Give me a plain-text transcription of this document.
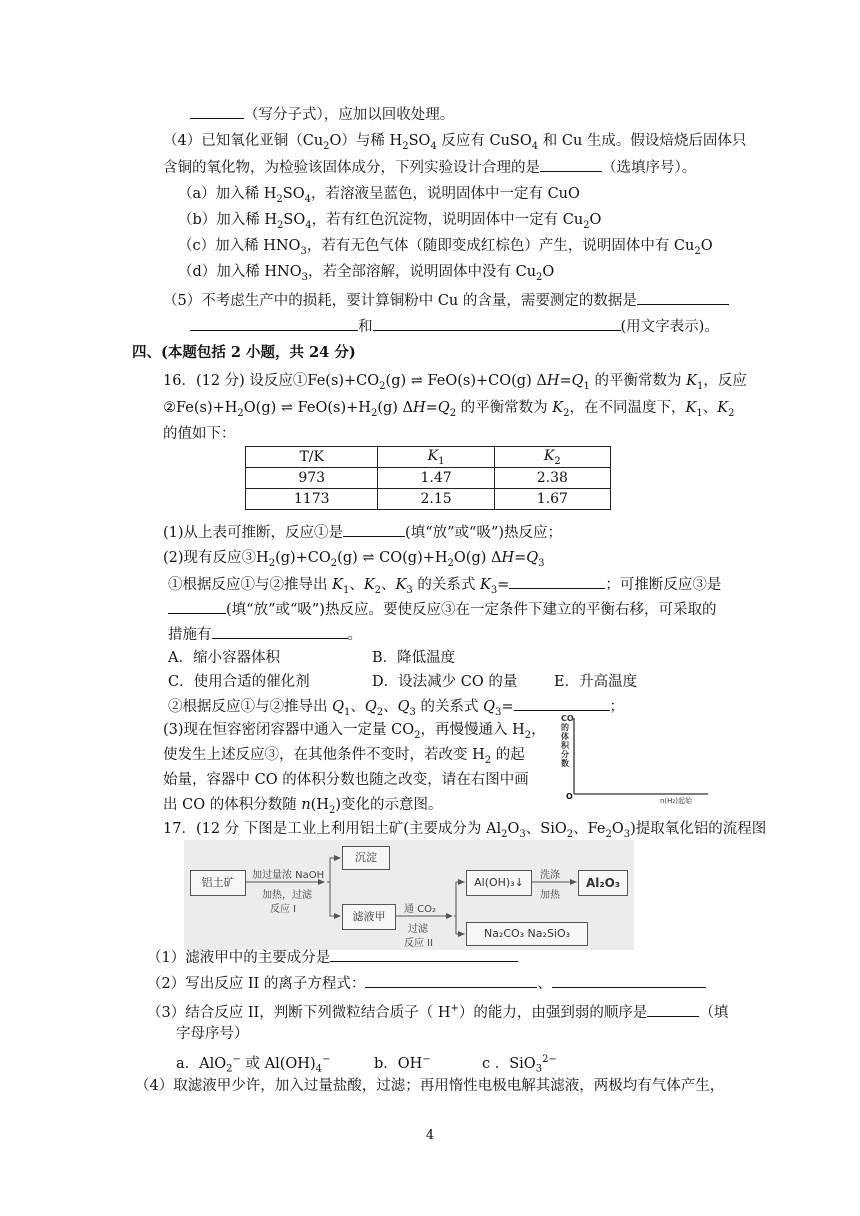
（写分子式），应加以回收处理。
（4）已知氧化亚铜$(Cu_2O)$与稀 $H_2SO_4$ 反应有 CuSO$_4$ 和 Cu 生成。假设焙烧后固体只
含铜的氧化物，为检验该固体成分，下列实验设计合理的是	（选填序号）。
（a）加入稀 $H_2SO_4$，若溶液呈蓝色，说明固体中一定有 CuO
（b）加入稀 $H_2SO_4$，若有红色沉淀物，说明固体中一定有 $Cu_2O$
（c）加入稀 $HNO_3$，若有无色气体（随即变成红棕色）产生，说明固体中有 $Cu_2O$
（d）加入稀 $HNO_3$，若全部溶解，说明固体中没有 $Cu_2O$
（5）不考虑生产中的损耗，要计算铜粉中 Cu 的含量，需要测定的数据是
和	(用文字表示)。
四、(本题包括 2 小题，共 24 分)
16．(12 分) 设反应$①Fe(s)+CO_2(g)$ ⇌ FeO(s)+CO(g) $\Delta H=Q_1$ 的平衡常数为 $K_1$，反应
$②Fe(s)+H_2O(g)$ ⇌ $FeO(s)+H_2(g)$ $\Delta H=Q_2$ 的平衡常数为 $K_2$，在不同温度下，$K_1$、$K_2$
的值如下：
T/K	$K_1$	$K_2$
973	1.47	2.38
1173	2.15	1.67
(1)从上表可推断，反应①是	(填“放”或“吸”)热反应；
(2)现有反应$③H_2(g)+CO_2(g)$ ⇌ $CO(g)+H_2O(g)$ $\Delta H=Q_3$
①根据反应①与②推导出 $K_1$、$K_2$、$K_3$ 的关系式 $K_3=$	；可推断反应③是
(填“放”或“吸”)热反应。要使反应③在一定条件下建立的平衡右移，可采取的
措施有	。
A．缩小容器体积	B．降低温度
C．使用合适的催化剂	D．设法减少 CO 的量	E．升高温度
②根据反应①与②推导出 $Q_1$、$Q_2$、$Q_3$ 的关系式 $Q_3=$	；
(3)现在恒容密闭容器中通入一定量 $CO_2$，再慢慢通入 $H_2$，
使发生上述反应③，在其他条件不变时，若改变 $H_2$ 的起
始量，容器中 CO 的体积分数也随之改变，请在右图中画
出 CO 的体积分数随 $n(H_2)$变化的示意图。
CO
的
体
积
分
数
O	n(H₂)起始
17．(12 分 下图是工业上利用铝土矿(主要成分为 $Al_2O_3$、SiO$_2$、$Fe_2O_3$)提取氧化铝的流程图
铝土矿
加过量浓 NaOH
加热，过滤
反应 I
沉淀
滤液甲
通 CO₂
过滤
反应 II
Al(OH)₃↓
洗涤
加热
Al₂O₃
Na₂CO₃ Na₂SiO₃
（1）滤液甲中的主要成分是
（2）写出反应 II 的离子方程式：	、
（3）结合反应 II，判断下列微粒结合质子（ H+）的能力，由强到弱的顺序是	（填
字母序号）
a．AlO$_2$− 或 $Al(OH)_4^-$	b．OH−	c ．SiO$_3^{2-}$
（4）取滤液甲少许，加入过量盐酸，过滤；再用惰性电极电解其滤液，两极均有气体产生，
4
